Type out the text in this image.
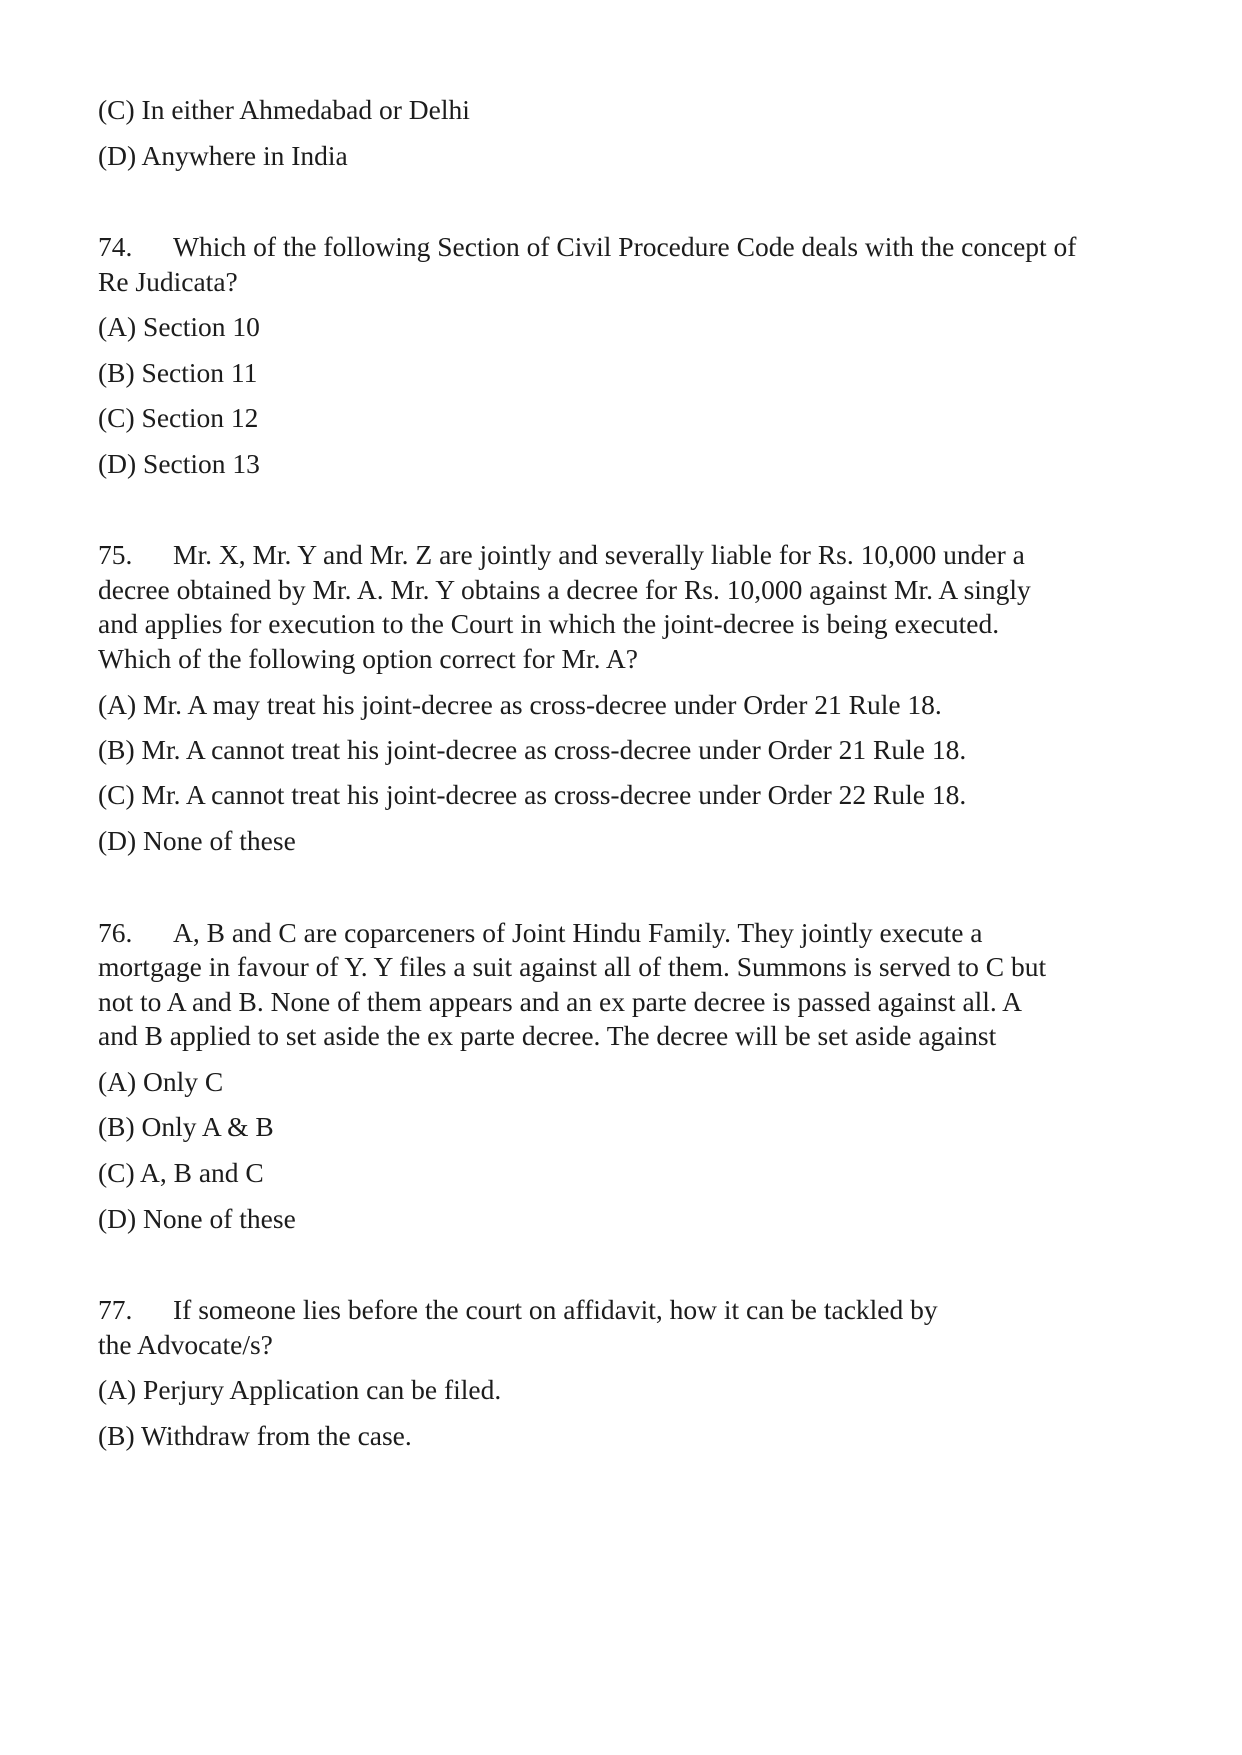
(C) In either Ahmedabad or Delhi
(D) Anywhere in India
74. Which of the following Section of Civil Procedure Code deals with the concept of
Re Judicata?
(A) Section 10
(B) Section 11
(C) Section 12
(D) Section 13
75. Mr. X, Mr. Y and Mr. Z are jointly and severally liable for Rs. 10,000 under a
decree obtained by Mr. A. Mr. Y obtains a decree for Rs. 10,000 against Mr. A singly
and applies for execution to the Court in which the joint-decree is being executed.
Which of the following option correct for Mr. A?
(A) Mr. A may treat his joint-decree as cross-decree under Order 21 Rule 18.
(B) Mr. A cannot treat his joint-decree as cross-decree under Order 21 Rule 18.
(C) Mr. A cannot treat his joint-decree as cross-decree under Order 22 Rule 18.
(D) None of these
76. A, B and C are coparceners of Joint Hindu Family. They jointly execute a
mortgage in favour of Y. Y files a suit against all of them. Summons is served to C but
not to A and B. None of them appears and an ex parte decree is passed against all. A
and B applied to set aside the ex parte decree. The decree will be set aside against
(A) Only C
(B) Only A & B
(C) A, B and C
(D) None of these
77. If someone lies before the court on affidavit, how it can be tackled by
the Advocate/s?
(A) Perjury Application can be filed.
(B) Withdraw from the case.
